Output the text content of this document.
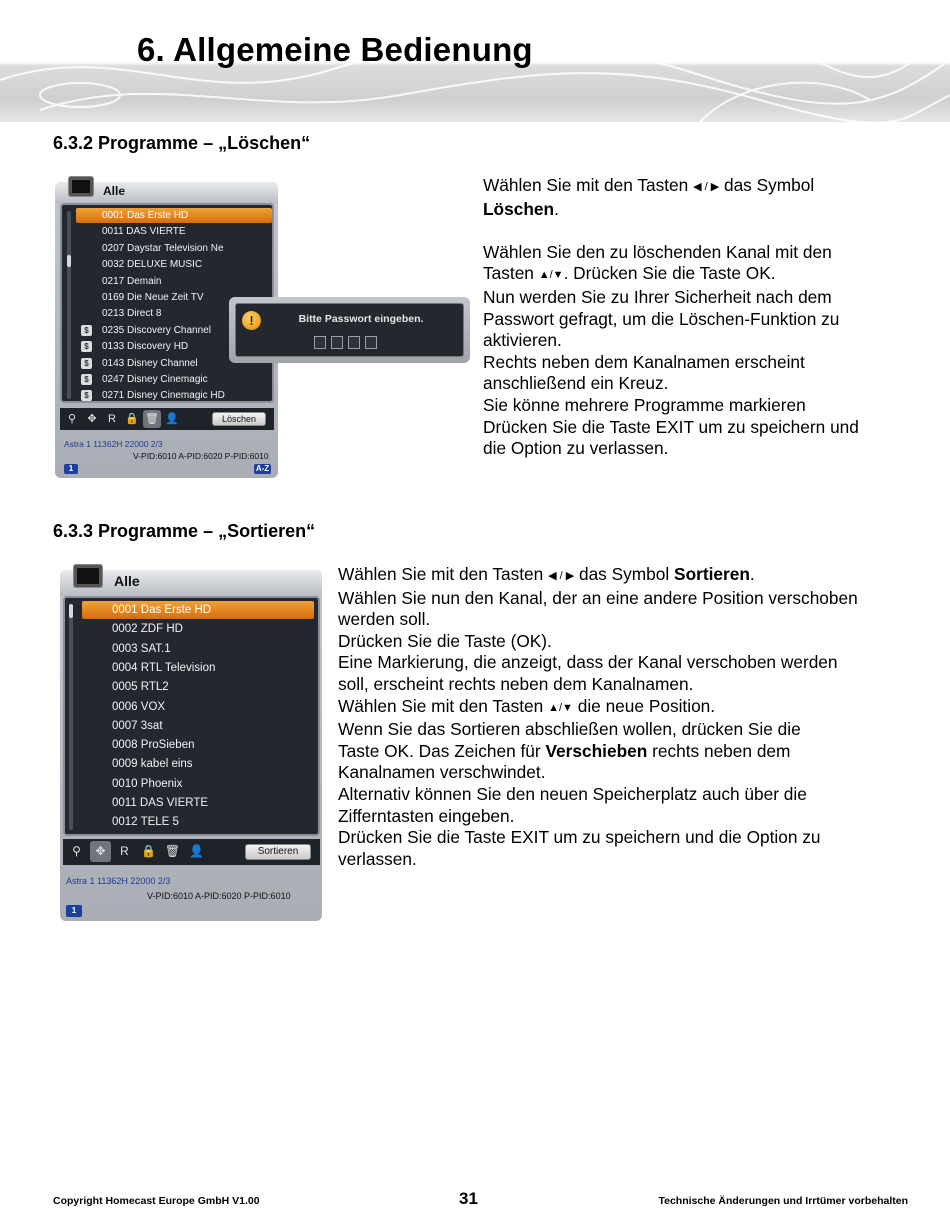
6. Allgemeine Bedienung
6.3.2 Programme – „Löschen“
Alle
0001 Das Erste HD
0011 DAS VIERTE
0207 Daystar Television Ne
0032 DELUXE MUSIC
0217 Demain
0169 Die Neue Zeit TV
0213 Direct 8
0235 Discovery Channel
$
0133 Discovery HD
$
0143 Disney Channel
$
0247 Disney Cinemagic
$
0271 Disney Cinemagic HD
$
Löschen
⚲	✥	R 🔒 🗑 👤
Astra 1 11362H 22000 2/3
V-PID:6010 A-PID:6020 P-PID:6010
1	A-Z
!	Bitte Passwort eingeben.

Wählen Sie mit den Tasten ◀ / ▶ das Symbol

Löschen.

Wählen Sie den zu löschenden Kanal mit den

Tasten ▲/▼. Drücken Sie die Taste OK.

Nun werden Sie zu Ihrer Sicherheit nach dem

Passwort gefragt, um die Löschen-Funktion zu

aktivieren.

Rechts neben dem Kanalnamen erscheint

anschließend ein Kreuz.

Sie könne mehrere Programme markieren

Drücken Sie die Taste EXIT um zu speichern und

die Option zu verlassen.

6.3.3 Programme – „Sortieren“
Alle
0001 Das Erste HD
0002 ZDF HD
0003 SAT.1
0004 RTL Television
0005 RTL2
0006 VOX
0007 3sat
0008 ProSieben
0009 kabel eins
0010 Phoenix
0011 DAS VIERTE
0012 TELE 5
Sortieren
⚲	✥	R	🔒 🗑 👤
Astra 1 11362H 22000 2/3
V-PID:6010 A-PID:6020 P-PID:6010
1

Wählen Sie mit den Tasten ◀ / ▶ das Symbol Sortieren.

Wählen Sie nun den Kanal, der an eine andere Position verschoben

werden soll.

Drücken Sie die Taste (OK).

Eine Markierung, die anzeigt, dass der Kanal verschoben werden

soll, erscheint rechts neben dem Kanalnamen.

Wählen Sie mit den Tasten ▲/▼ die neue Position.

Wenn Sie das Sortieren abschließen wollen, drücken Sie die

Taste OK. Das Zeichen für Verschieben rechts neben dem

Kanalnamen verschwindet.

Alternativ können Sie den neuen Speicherplatz auch über die

Zifferntasten eingeben.

Drücken Sie die Taste EXIT um zu speichern und die Option zu

verlassen.

Copyright Homecast Europe GmbH V1.00	31	Technische Änderungen und Irrtümer vorbehalten
